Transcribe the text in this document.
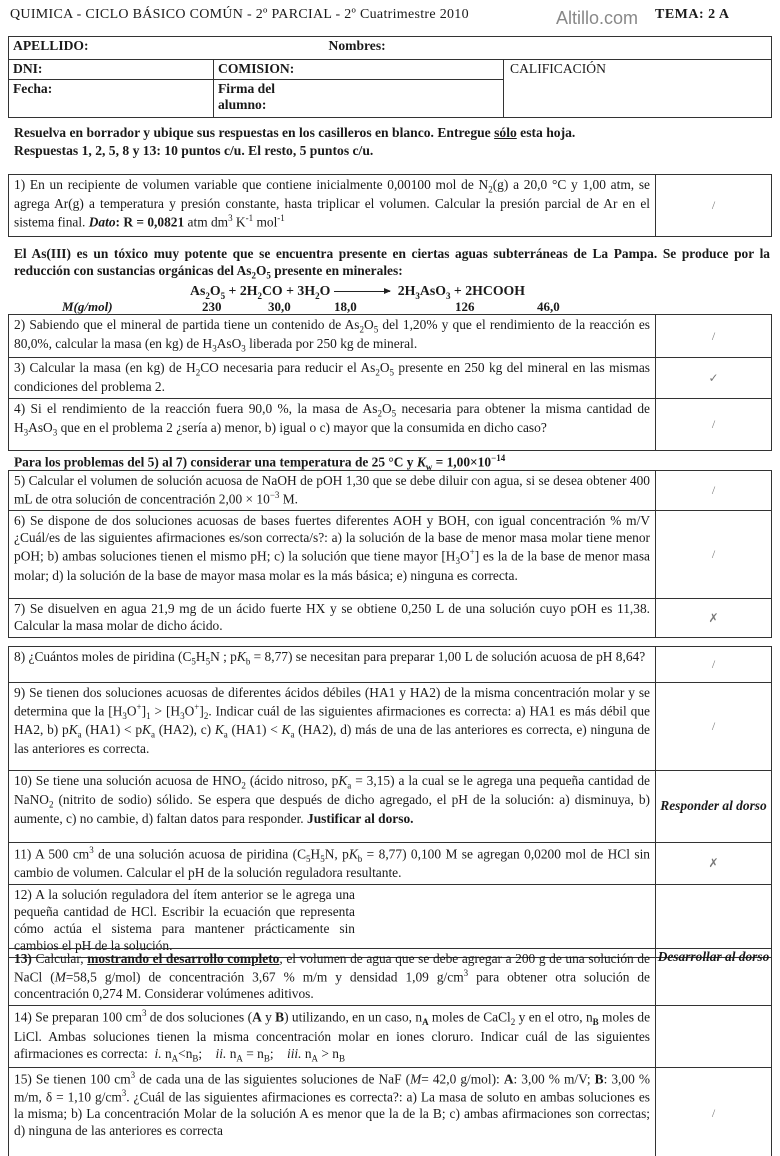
QUIMICA - CICLO BÁSICO COMÚN - 2º PARCIAL - 2º Cuatrimestre 2010	Altillo.com TEMA: 2 A
APELLIDO: Nombres:		

DNI:	COMISION:	CALIFICACIÓN
Fecha:	Firma del alumno:	
Resuelva en borrador y ubique sus respuestas en los casilleros en blanco. Entregue sólo esta hoja.
Respuestas 1, 2, 5, 8 y 13: 10 puntos c/u. El resto, 5 puntos c/u.
1) En un recipiente de volumen variable que contiene inicialmente 0,00100 mol de $N_2(g)$ a 20,0 °C y 1,00 atm, se agrega Ar(g) a temperatura y presión constante, hasta triplicar el volumen. Calcular la presión parcial de Ar en el sistema final. Dato: R = 0,0821 atm $dm^3$ $K^{-1}$ mol$^{-1}$	/
El As(III) es un tóxico muy potente que se encuentra presente en ciertas aguas subterráneas de La Pampa. Se produce por la reducción con sustancias orgánicas del $As_2O_5$ presente en minerales:
$As_2O_5 + 2H_2CO + 3H_2O$	$2H_3AsO_3$ + 2HCOOH
M(g/mol)	230	30,0	18,0	126	46,0
2) Sabiendo que el mineral de partida tiene un contenido de $As_2O_5$ del 1,20% y que el rendimiento de la reacción es 80,0%, calcular la masa (en kg) de $H_3AsO_3$ liberada por 250 kg de mineral.	/
3) Calcular la masa (en kg) de $H_2CO$ necesaria para reducir el $As_2O_5$ presente en 250 kg del mineral en las mismas condiciones del problema 2.	✓
4) Si el rendimiento de la reacción fuera 90,0 %, la masa de $As_2O_5$ necesaria para obtener la misma cantidad de $H_3AsO_3$ que en el problema 2 ¿sería a) menor, b) igual o c) mayor que la consumida en dicho caso?	/
Para los problemas del 5) al 7) considerar una temperatura de 25 °C y $K_w = 1,00\times 10^{-14}$
5) Calcular el volumen de solución acuosa de NaOH de pOH 1,30 que se debe diluir con agua, si se desea obtener 400 mL de otra solución de concentración $2,00 \times 10^{-3}$ M.	/
6) Se dispone de dos soluciones acuosas de bases fuertes diferentes AOH y BOH, con igual concentración % m/V ¿Cuál/es de las siguientes afirmaciones es/son correcta/s?: a) la solución de la base de menor masa molar tiene menor pOH; b) ambas soluciones tienen el mismo pH; c) la solución que tiene mayor $[H_3O^+]$ es la de la base de menor masa molar; d) la solución de la base de mayor masa molar es la más básica; e) ninguna es correcta.	/
7) Se disuelven en agua 21,9 mg de un ácido fuerte HX y se obtiene 0,250 L de una solución cuyo pOH es 11,38. Calcular la masa molar de dicho ácido.	✗
8) ¿Cuántos moles de piridina ($C_5H_5N$ ; $pK_b = 8,77$) se necesitan para preparar 1,00 L de solución acuosa de pH 8,64?	/
9) Se tienen dos soluciones acuosas de diferentes ácidos débiles (HA1 y HA2) de la misma concentración molar y se determina que la $[H_3O^+]_1 > [H_3O^+]_2$. Indicar cuál de las siguientes afirmaciones es correcta: a) HA1 es más débil que HA2, b) $pK_a$ $(HA1) < pK_a$ (HA2), c) $K_a$ $(HA1) < K_a$ (HA2), d) más de una de las anteriores es correcta, e) ninguna de las anteriores es correcta.	/
10) Se tiene una solución acuosa de $HNO_2$ (ácido nitroso, $pK_a = 3,15$) a la cual se le agrega una pequeña cantidad de NaNO$_2$ (nitrito de sodio) sólido. Se espera que después de dicho agregado, el pH de la solución: a) disminuya, b) aumente, c) no cambie, d) faltan datos para responder. Justificar al dorso.	Responder al dorso
11) A 500 $cm^3$ de una solución acuosa de piridina ($C_5H_5N$, $pK_b = 8,77$) 0,100 M se agregan 0,0200 mol de HCl sin cambio de volumen. Calcular el pH de la solución reguladora resultante.	✗
12) A la solución reguladora del ítem anterior se le agrega una pequeña cantidad de HCl. Escribir la ecuación que representa cómo actúa el sistema para mantener prácticamente sin cambios el pH de la solución.	
13) Calcular, mostrando el desarrollo completo, el volumen de agua que se debe agregar a 200 g de una solución de NaCl (M=58,5 g/mol) de concentración 3,67 % m/m y densidad 1,09 $g/cm^3$ para obtener otra solución de concentración 0,274 M. Considerar volúmenes aditivos.	Desarrollar al dorso
14) Se preparan 100 $cm^3$ de dos soluciones (A y B) utilizando, en un caso, $n_A$ moles de CaCl$_2$ y en el otro, $n_B$ moles de LiCl. Ambas soluciones tienen la misma concentración molar en iones cloruro. Indicar cuál de las siguientes afirmaciones es correcta:  i. $n_A<n_B$;    ii. $n_A = n_B$;    iii. $n_A > n_B$	
15) Se tienen 100 $cm^3$ de cada una de las siguientes soluciones de NaF (M= 42,0 g/mol): A: 3,00 % m/V; B: 3,00 % m/m, δ = 1,10 $g/cm^3$. ¿Cuál de las siguientes afirmaciones es correcta?: a) La masa de soluto en ambas soluciones es la misma; b) La concentración Molar de la solución A es menor que la de la B; c) ambas afirmaciones son correctas; d) ninguna de las anteriores es correcta	/
